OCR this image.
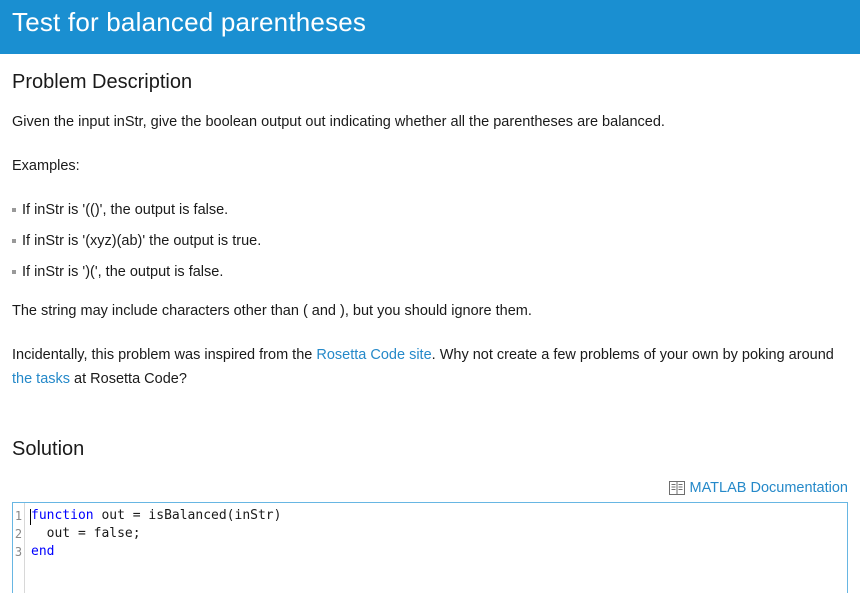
Test for balanced parentheses
Problem Description

Given the input inStr, give the boolean output out indicating whether all the parentheses are balanced.

Examples:

If inStr is '(()', the output is false.
If inStr is '(xyz)(ab)' the output is true.
If inStr is ')(', the output is false.

The string may include characters other than ( and ), but you should ignore them.

Incidentally, this problem was inspired from the Rosetta Code site. Why not create a few problems of your own by poking around the tasks at Rosetta Code?

Solution
MATLAB Documentation
1
2
3
function out = isBalanced(inStr)
out = false;
end
